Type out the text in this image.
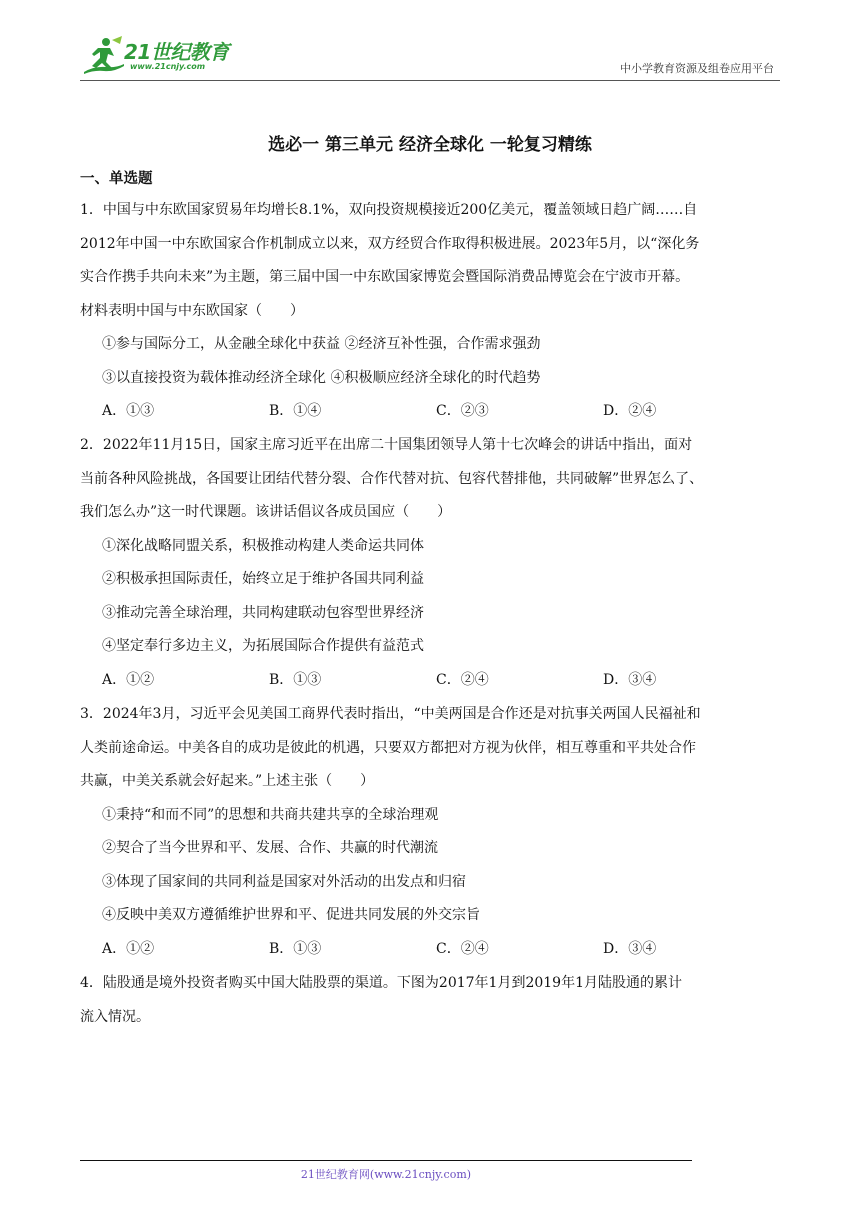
21世纪教育
www.21cnjy.com	中小学教育资源及组卷应用平台
选必一 第三单元 经济全球化 一轮复习精练
一、单选题

1．中国与中东欧国家贸易年均增长8.1%，双向投资规模接近200亿美元，覆盖领域日趋广阔……自

2012年中国一中东欧国家合作机制成立以来，双方经贸合作取得积极进展。2023年5月，以“深化务

实合作携手共向未来”为主题，第三届中国一中东欧国家博览会暨国际消费品博览会在宁波市开幕。

材料表明中国与中东欧国家（　　）

①参与国际分工，从金融全球化中获益 ②经济互补性强，合作需求强劲

③以直接投资为载体推动经济全球化 ④积极顺应经济全球化的时代趋势

A．①③	B．①④	C．②③	D．②④

2．2022年11月15日，国家主席习近平在出席二十国集团领导人第十七次峰会的讲话中指出，面对

当前各种风险挑战，各国要让团结代替分裂、合作代替对抗、包容代替排他，共同破解”世界怎么了、

我们怎么办”这一时代课题。该讲话倡议各成员国应（　　）

①深化战略同盟关系，积极推动构建人类命运共同体

②积极承担国际责任，始终立足于维护各国共同利益

③推动完善全球治理，共同构建联动包容型世界经济

④坚定奉行多边主义，为拓展国际合作提供有益范式

A．①②	B．①③	C．②④	D．③④

3．2024年3月，习近平会见美国工商界代表时指出，“中美两国是合作还是对抗事关两国人民福祉和

人类前途命运。中美各自的成功是彼此的机遇，只要双方都把对方视为伙伴，相互尊重和平共处合作

共赢，中美关系就会好起来。”上述主张（　　）

①秉持“和而不同”的思想和共商共建共享的全球治理观

②契合了当今世界和平、发展、合作、共赢的时代潮流

③体现了国家间的共同利益是国家对外活动的出发点和归宿

④反映中美双方遵循维护世界和平、促进共同发展的外交宗旨

A．①②	B．①③	C．②④	D．③④

4．陆股通是境外投资者购买中国大陆股票的渠道。下图为2017年1月到2019年1月陆股通的累计

流入情况。

21世纪教育网(www.21cnjy.com)
